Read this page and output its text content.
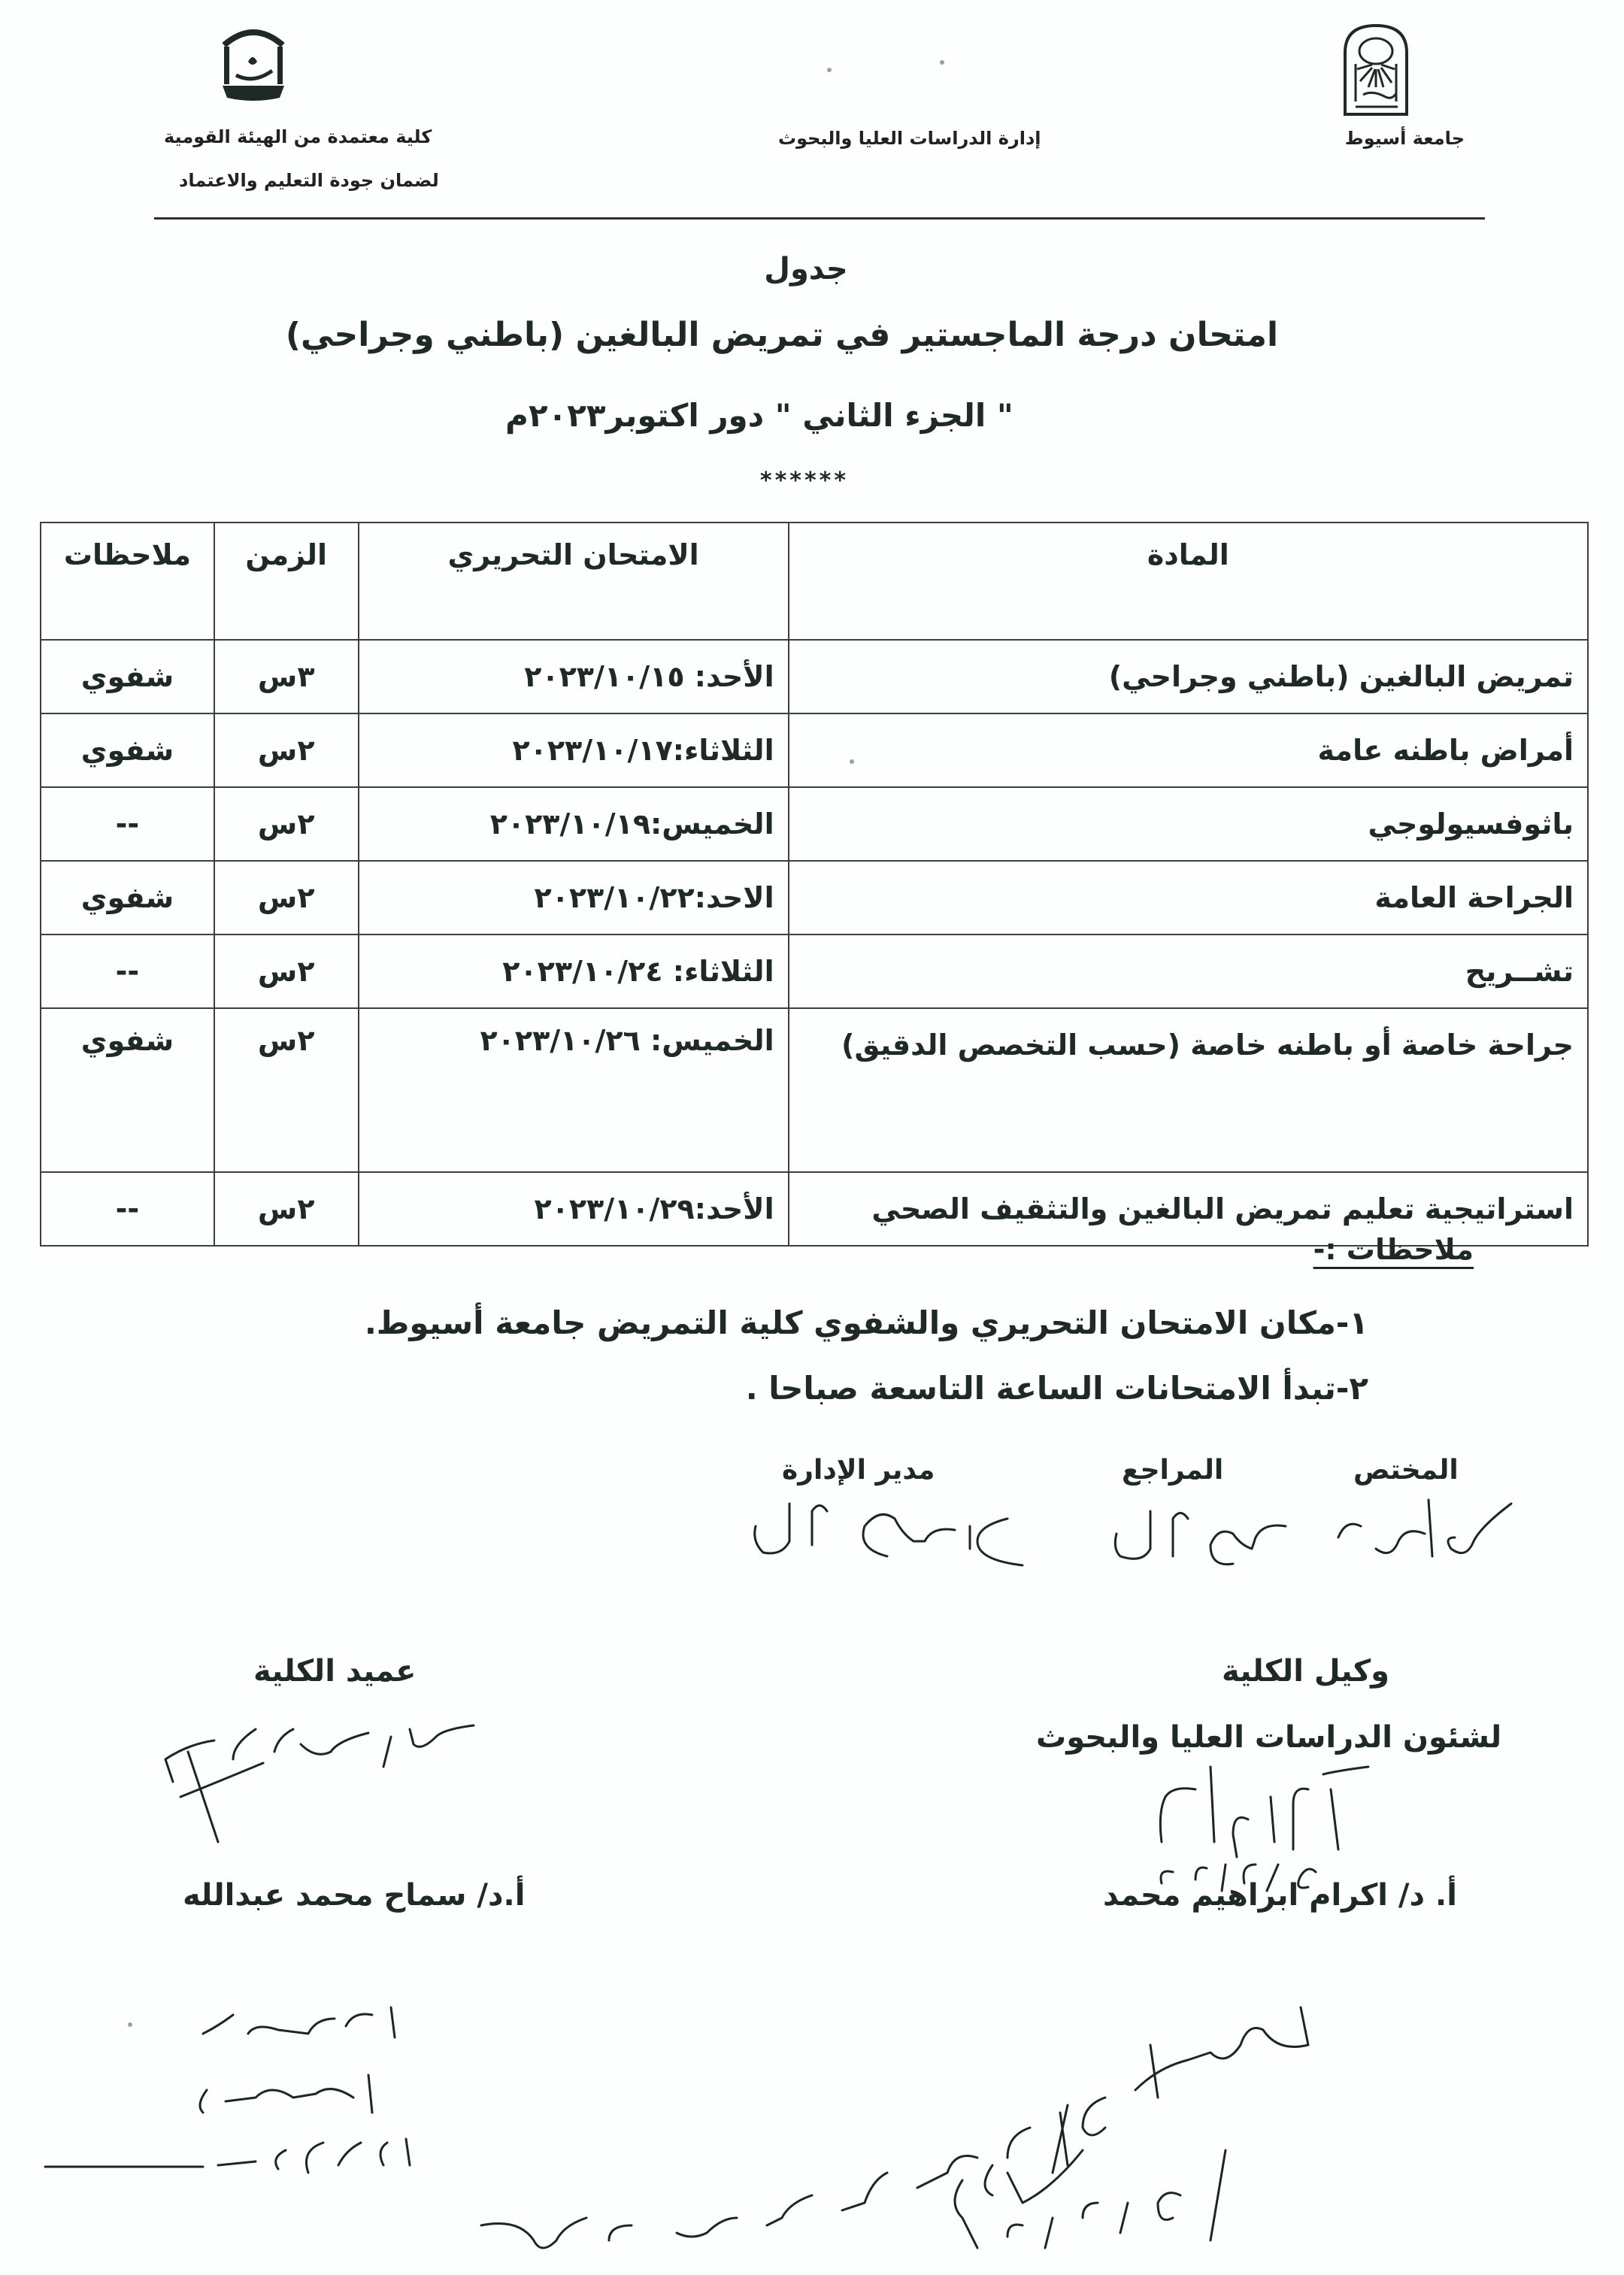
جامعة أسيوط
إدارة الدراسات العليا والبحوث
كلية معتمدة من الهيئة القومية
لضمان جودة التعليم والاعتماد
جدول
امتحان درجة الماجستير في تمريض البالغين (باطني وجراحي)
" الجزء الثاني " دور اكتوبر٢٠٢٣م
******
المادة	الامتحان التحريري	الزمن	ملاحظات
تمريض البالغين (باطني وجراحي)	الأحد: ٢٠٢٣/١٠/١٥	٣س	شفوي
أمراض باطنه عامة	الثلاثاء:٢٠٢٣/١٠/١٧	٢س	شفوي
باثوفسيولوجي	الخميس:٢٠٢٣/١٠/١٩	٢س	--
الجراحة العامة	الاحد:٢٠٢٣/١٠/٢٢	٢س	شفوي
تشــريح	الثلاثاء: ٢٠٢٣/١٠/٢٤	٢س	--
جراحة خاصة أو باطنه خاصة (حسب التخصص الدقيق)	الخميس: ٢٠٢٣/١٠/٢٦	٢س	شفوي
استراتيجية تعليم تمريض البالغين والتثقيف الصحي	الأحد:٢٠٢٣/١٠/٢٩	٢س	--
ملاحظات :-
١-مكان الامتحان التحريري والشفوي كلية التمريض جامعة أسيوط.
٢-تبدأ الامتحانات الساعة التاسعة صباحا .
المختص
المراجع
مدير الإدارة
وكيل الكلية
لشئون الدراسات العليا والبحوث
أ. د/ اكرام ابراهيم محمد
عميد الكلية
أ.د/ سماح محمد عبدالله
